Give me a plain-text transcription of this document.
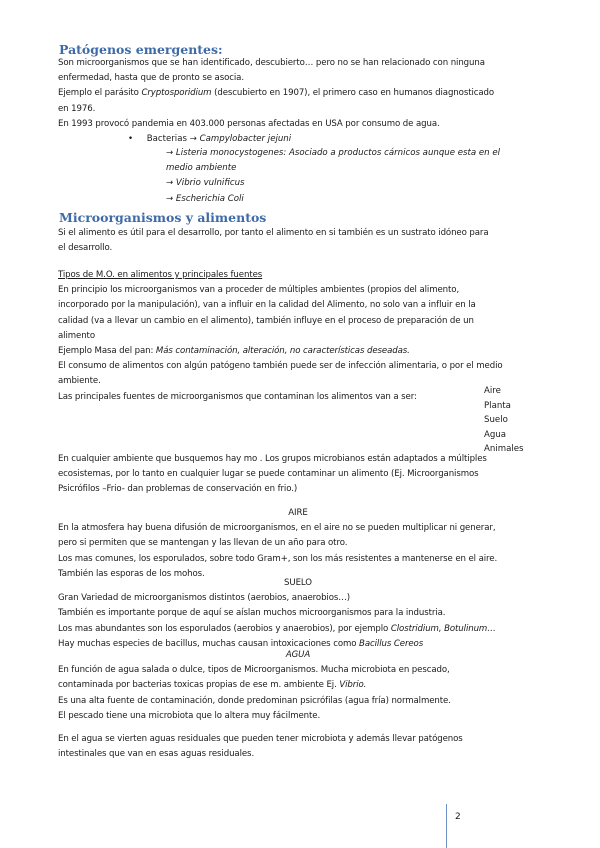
Patógenos emergentes:

Son microorganismos que se han identificado, descubierto… pero no se han relacionado con ninguna

enfermedad, hasta que de pronto se asocia.

Ejemplo el parásito Cryptosporidium (descubierto en 1907), el primero caso en humanos diagnosticado

en 1976.

En 1993 provocó pandemia en 403.000 personas afectadas en USA por consumo de agua.

•     Bacterias → Campylobacter jejuni
→ Listeria monocystogenes: Asociado a productos cárnicos aunque esta en el
medio ambiente
→ Vibrio vulnificus
→ Escherichia Coli
Microorganismos y alimentos

Si el alimento es útil para el desarrollo, por tanto el alimento en si también es un sustrato idóneo para

el desarrollo.

Tipos de M.O. en alimentos y principales fuentes

En principio los microorganismos van a proceder de múltiples ambientes (propios del alimento,

incorporado por la manipulación), van a influir en la calidad del Alimento, no solo van a influir en la

calidad (va a llevar un cambio en el alimento), también influye en el proceso de preparación de un

alimento

Ejemplo Masa del pan: Más contaminación, alteración, no características deseadas.

El consumo de alimentos con algún patógeno también puede ser de infección alimentaria, o por el medio

ambiente.

Las principales fuentes de microorganismos que contaminan los alimentos van a ser:

Aire
Planta
Suelo
Agua
Animales

En cualquier ambiente que busquemos hay mo . Los grupos microbianos están adaptados a múltiples

ecosistemas, por lo tanto en cualquier lugar se puede contaminar un alimento (Ej. Microorganismos

Psicrófilos –Frio- dan problemas de conservación en frio.)

AIRE

En la atmosfera hay buena difusión de microorganismos, en el aire no se pueden multiplicar ni generar,

pero si permiten que se mantengan y las llevan de un año para otro.

Los mas comunes, los esporulados, sobre todo Gram+, son los más resistentes a mantenerse en el aire.

También las esporas de los mohos.

SUELO

Gran Variedad de microorganismos distintos (aerobios, anaerobios…)

También es importante porque de aquí se aíslan muchos microorganismos para la industria.

Los mas abundantes son los esporulados (aerobios y anaerobios), por ejemplo Clostridium, Botulinum…

Hay muchas especies de bacillus, muchas causan intoxicaciones como Bacillus Cereos

AGUA

En función de agua salada o dulce, tipos de Microorganismos. Mucha microbiota en pescado,

contaminada por bacterias toxicas propias de ese m. ambiente Ej. Vibrio.

Es una alta fuente de contaminación, donde predominan psicrófilas (agua fría) normalmente.

El pescado tiene una microbiota que lo altera muy fácilmente.

En el agua se vierten aguas residuales que pueden tener microbiota y además llevar patógenos

intestinales que van en esas aguas residuales.

2
